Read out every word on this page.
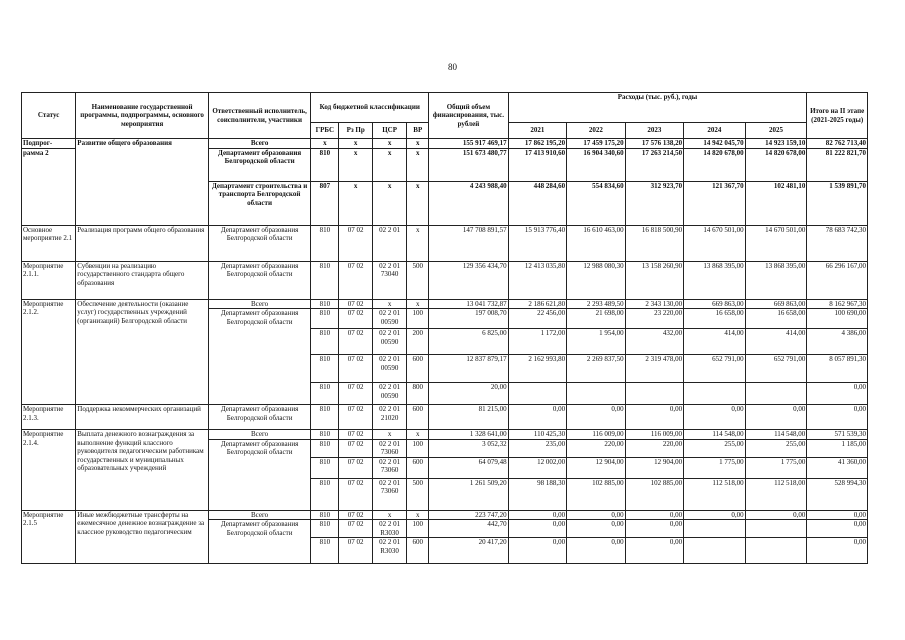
80
Статус	Наименование государственной программы, подпрограммы, основного мероприятия	Ответственный исполнитель, соисполнители, участники	Код бюджетной классификации				Общий объем финансирования, тыс. рублей	Расходы (тыс. руб.), годы					Итого на II этапе (2021-2025 годы)
			ГРБС	Рз Пр	ЦСР	ВР		2021	2022	2023	2024	2025	
Подпрог-	Развитие общего образования	Всего	х	х	х	х	155 917 469,17	17 862 195,20	17 459 175,20	17 576 138,20	14 942 045,70	14 923 159,10	82 762 713,40
рамма 2		Департамент образования Белгородской области	810	х	х	х	151 673 480,77	17 413 910,60	16 904 340,60	17 263 214,50	14 820 678,00	14 820 678,00	81 222 821,70
		Департамент строительства и транспорта Белгородской области	807	х	х	х	4 243 988,40	448 284,60	554 834,60	312 923,70	121 367,70	102 481,10	1 539 891,70
Основное мероприятие 2.1	Реализация программ общего образования	Департамент образования Белгородской области	810	07 02	02 2 01	х	147 708 891,57	15 913 776,40	16 610 463,00	16 818 500,90	14 670 501,00	14 670 501,00	78 683 742,30
Мероприятие 2.1.1.	Субвенции на реализацию государственного стандарта общего образования	Департамент образования Белгородской области	810	07 02	02 2 01 73040	500	129 356 434,70	12 413 035,80	12 988 080,30	13 158 260,90	13 868 395,00	13 868 395,00	66 296 167,00
Мероприятие 2.1.2.	Обеспечение деятельности (оказание услуг) государственных учреждений (организаций) Белгородской области	Всего	810	07 02	х	х	13 041 732,87	2 186 621,80	2 293 489,50	2 343 130,00	669 863,00	669 863,00	8 162 967,30
		Департамент образования Белгородской области	810	07 02	02 2 01 00590	100	197 008,70	22 456,00	21 698,00	23 220,00	16 658,00	16 658,00	100 690,00
			810	07 02	02 2 01 00590	200	6 825,00	1 172,00	1 954,00	432,00	414,00	414,00	4 386,00
			810	07 02	02 2 01 00590	600	12 837 879,17	2 162 993,80	2 269 837,50	2 319 478,00	652 791,00	652 791,00	8 057 891,30
			810	07 02	02 2 01 00590	800	20,00						0,00
Мероприятие 2.1.3.	Поддержка некоммерческих организаций	Департамент образования Белгородской области	810	07 02	02 2 01 21020	600	81 215,00	0,00	0,00	0,00	0,00	0,00	0,00
Мероприятие 2.1.4.	Выплата денежного вознаграждения за выполнение функций классного руководителя педагогическим работникам государственных и муниципальных образовательных учреждений	Всего	810	07 02	х	х	1 328 641,00	110 425,30	116 009,00	116 009,00	114 548,00	114 548,00	571 539,30
		Департамент образования Белгородской области	810	07 02	02 2 01 73060	100	3 052,32	235,00	220,00	220,00	255,00	255,00	1 185,00
			810	07 02	02 2 01 73060	600	64 079,48	12 002,00	12 904,00	12 904,00	1 775,00	1 775,00	41 360,00
			810	07 02	02 2 01 73060	500	1 261 509,20	98 188,30	102 885,00	102 885,00	112 518,00	112 518,00	528 994,30
Мероприятие 2.1.5	Иные межбюджетные трансферты на ежемесячное денежное вознаграждение за классное руководство педагогическим	Всего	810	07 02	х	х	223 747,20	0,00	0,00	0,00	0,00	0,00	0,00
		Департамент образования Белгородской области	810	07 02	02 2 01 R3030	100	442,70	0,00	0,00	0,00			0,00
			810	07 02	02 2 01 R3030	600	20 417,20	0,00	0,00	0,00			0,00
